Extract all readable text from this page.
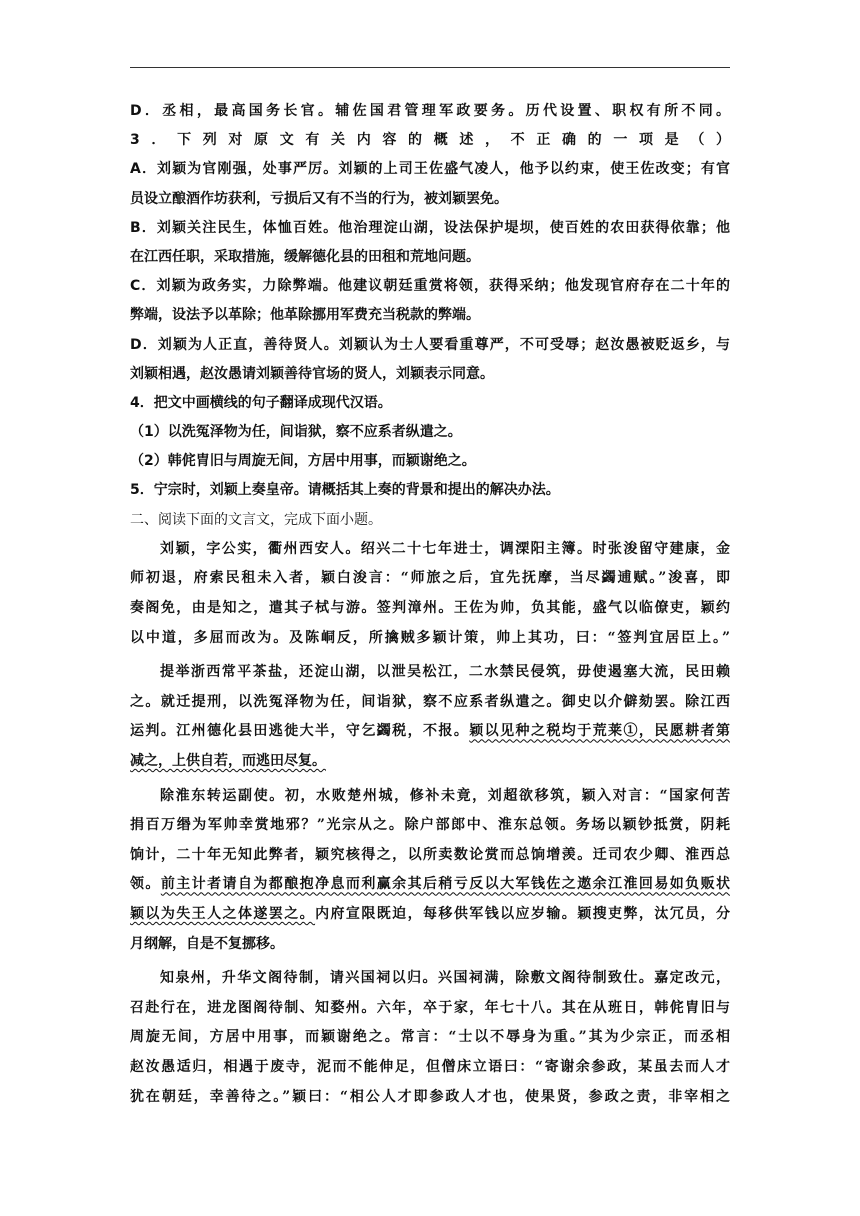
D．丞相，最高国务长官。辅佐国君管理军政要务。历代设置、职权有所不同。
3．下列对原文有关内容的概述，不正确的一项是（）
A．刘颖为官刚强，处事严厉。刘颖的上司王佐盛气凌人，他予以约束，使王佐改变；有官
员设立酿酒作坊获利，亏损后又有不当的行为，被刘颖罢免。
B．刘颖关注民生，体恤百姓。他治理淀山湖，设法保护堤坝，使百姓的农田获得依靠；他
在江西任职，采取措施，缓解德化县的田租和荒地问题。
C．刘颖为政务实，力除弊端。他建议朝廷重赏将领，获得采纳；他发现官府存在二十年的
弊端，设法予以革除；他革除挪用军费充当税款的弊端。
D．刘颖为人正直，善待贤人。刘颖认为士人要看重尊严，不可受辱；赵汝愚被贬返乡，与
刘颖相遇，赵汝愚请刘颖善待官场的贤人，刘颖表示同意。
4．把文中画横线的句子翻译成现代汉语。
（1）以洗冤泽物为任，间诣狱，察不应系者纵遣之。
（2）韩侂胄旧与周旋无间，方居中用事，而颖谢绝之。
5．宁宗时，刘颖上奏皇帝。请概括其上奏的背景和提出的解决办法。
二、阅读下面的文言文，完成下面小题。
刘颖，字公实，衢州西安人。绍兴二十七年进士，调溧阳主簿。时张浚留守建康，金
师初退，府索民租未入者，颖白浚言：“师旅之后，宜先抚摩，当尽蠲逋赋。”浚喜，即
奏阁免，由是知之，遣其子栻与游。签判漳州。王佐为帅，负其能，盛气以临僚吏，颖约
以中道，多屈而改为。及陈峒反，所擒贼多颖计策，帅上其功，曰：“签判宜居臣上。”
提举浙西常平茶盐，还淀山湖，以泄吴松江，二水禁民侵筑，毋使遏塞大流，民田赖
之。就迁提刑，以洗冤泽物为任，间诣狱，察不应系者纵遣之。御史以介僻劾罢。除江西
运判。江州德化县田逃徙大半，守乞蠲税，不报。颖以见种之税均于荒莱①，民愿耕者第
减之，上供自若，而逃田尽复。
除淮东转运副使。初，水败楚州城，修补未竟，刘超欲移筑，颖入对言：“国家何苦
捐百万缗为军帅幸赏地邪？”光宗从之。除户部郎中、淮东总领。务场以颖钞抵赏，阴耗
饷计，二十年无知此弊者，颖究核得之，以所卖数论赏而总饷增羡。迁司农少卿、淮西总
领。前主计者请自为都酿抱净息而利赢余其后稍亏反以大军钱佐之遨余江淮回易如负贩状
颖以为失王人之体遂罢之。内府宣限既迫，每移供军钱以应岁输。颖搜吏弊，汰冗员，分
月纲解，自是不复挪移。
知泉州，升华文阁待制，请兴国祠以归。兴国祠满，除敷文阁待制致仕。嘉定改元，
召赴行在，进龙图阁待制、知婺州。六年，卒于家，年七十八。其在从班日，韩侂胄旧与
周旋无间，方居中用事，而颖谢绝之。常言：“士以不辱身为重。”其为少宗正，而丞相
赵汝愚适归，相遇于废寺，泥而不能伸足，但僧床立语曰：“寄谢余参政，某虽去而人才
犹在朝廷，幸善待之。”颖曰：“相公人才即参政人才也，使果贤，参政之责，非宰相之
